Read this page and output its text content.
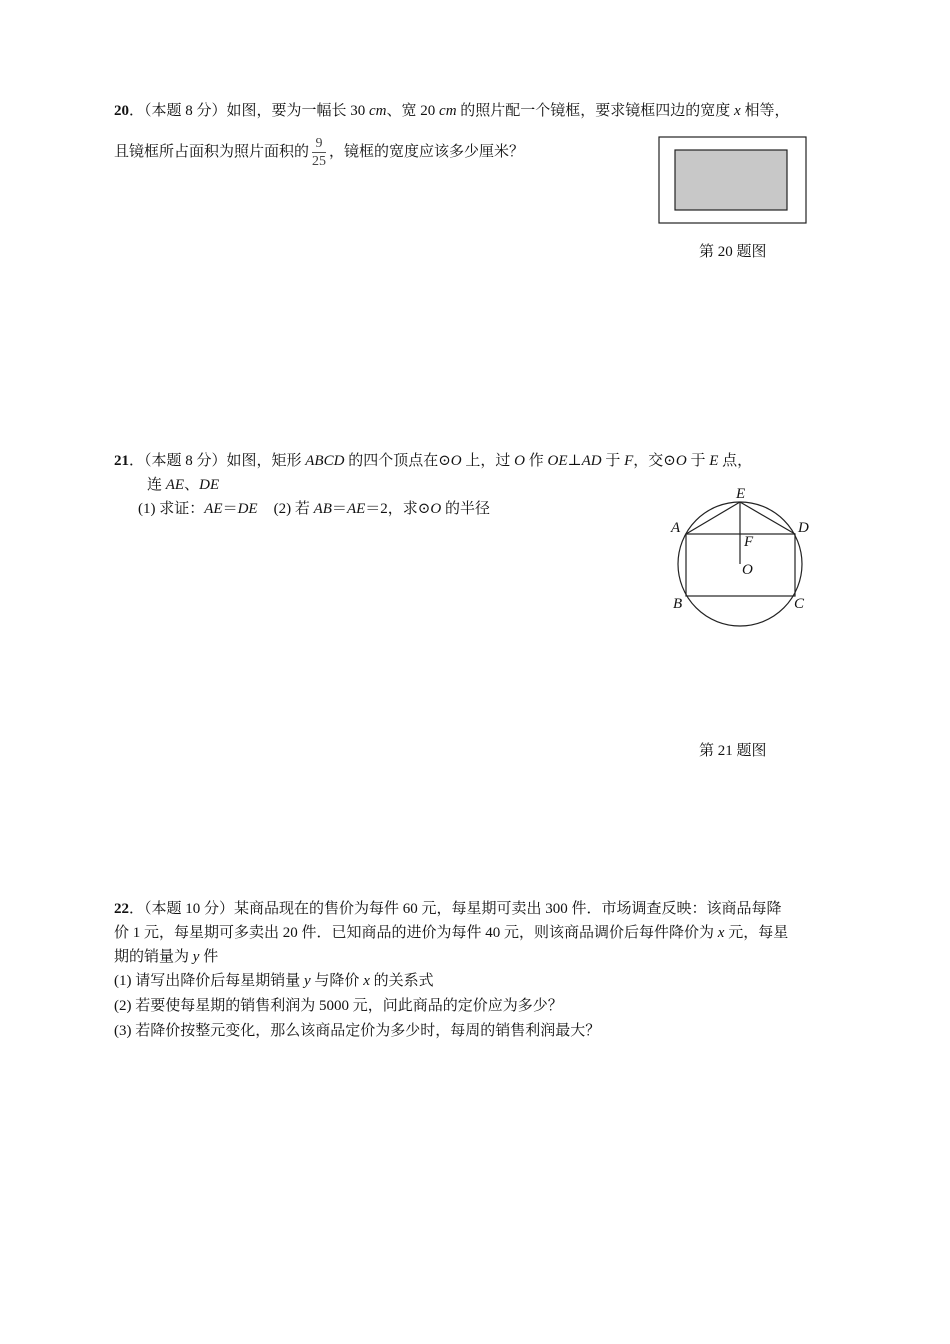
20．（本题 8 分）如图，要为一幅长 30 cm、宽 20 cm 的照片配一个镜框，要求镜框四边的宽度 x 相等，
且镜框所占面积为照片面积的 $\frac{9}{25}$ ，镜框的宽度应该多少厘米？
第 20 题图
21．（本题 8 分）如图，矩形 ABCD 的四个顶点在⊙O 上，过 O 作 OE⊥AD 于 F，交⊙O 于 E 点，
连 AE、DE
(1) 求证：AE＝DE (2) 若 AB＝AE＝2，求⊙O 的半径
A
B	C
D
E
F
O
第 21 题图
22．（本题 10 分）某商品现在的售价为每件 60 元，每星期可卖出 300 件．市场调查反映：该商品每降
价 1 元，每星期可多卖出 20 件．已知商品的进价为每件 40 元，则该商品调价后每件降价为 x 元，每星
期的销量为 y 件
(1) 请写出降价后每星期销量 y 与降价 x 的关系式
(2) 若要使每星期的销售利润为 5000 元，问此商品的定价应为多少？
(3) 若降价按整元变化，那么该商品定价为多少时，每周的销售利润最大？
